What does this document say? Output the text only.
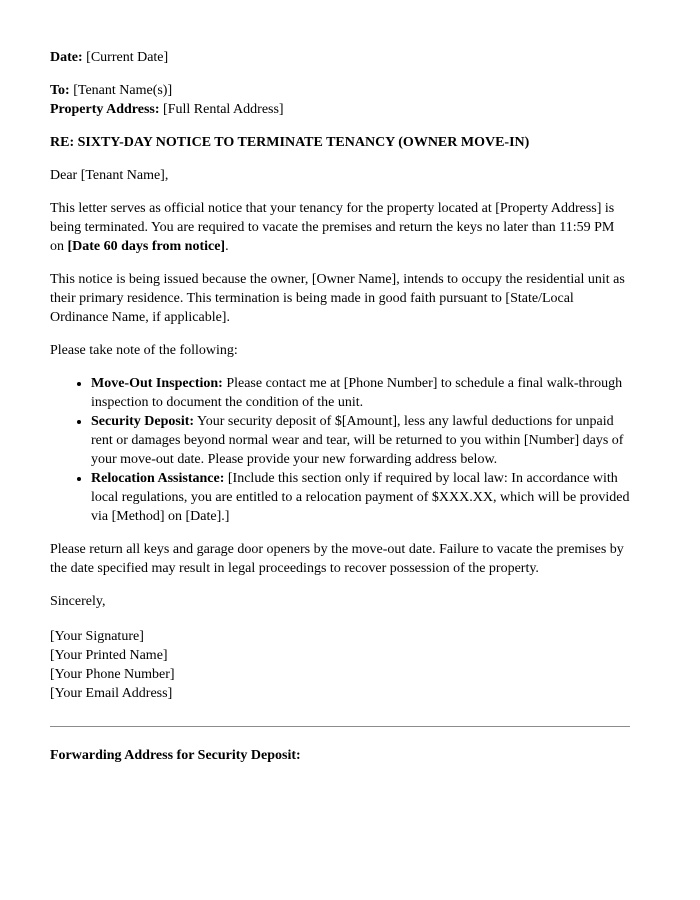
Date: [Current Date]

To: [Tenant Name(s)]

Property Address: [Full Rental Address]

RE: SIXTY-DAY NOTICE TO TERMINATE TENANCY (OWNER MOVE-IN)

Dear [Tenant Name],

This letter serves as official notice that your tenancy for the property located at [Property Address] is being terminated. You are required to vacate the premises and return the keys no later than 11:59 PM on [Date 60 days from notice].

This notice is being issued because the owner, [Owner Name], intends to occupy the residential unit as their primary residence. This termination is being made in good faith pursuant to [State/Local Ordinance Name, if applicable].

Please take note of the following:

• Move-Out Inspection: Please contact me at [Phone Number] to schedule a final walk-through inspection to document the condition of the unit.
• Security Deposit: Your security deposit of $[Amount], less any lawful deductions for unpaid rent or damages beyond normal wear and tear, will be returned to you within [Number] days of your move-out date. Please provide your new forwarding address below.
• Relocation Assistance: [Include this section only if required by local law: In accordance with local regulations, you are entitled to a relocation payment of $XXX.XX, which will be provided via [Method] on [Date].]

Please return all keys and garage door openers by the move-out date. Failure to vacate the premises by the date specified may result in legal proceedings to recover possession of the property.

Sincerely,

[Your Signature]
[Your Printed Name]
[Your Phone Number]
[Your Email Address]

Forwarding Address for Security Deposit:
